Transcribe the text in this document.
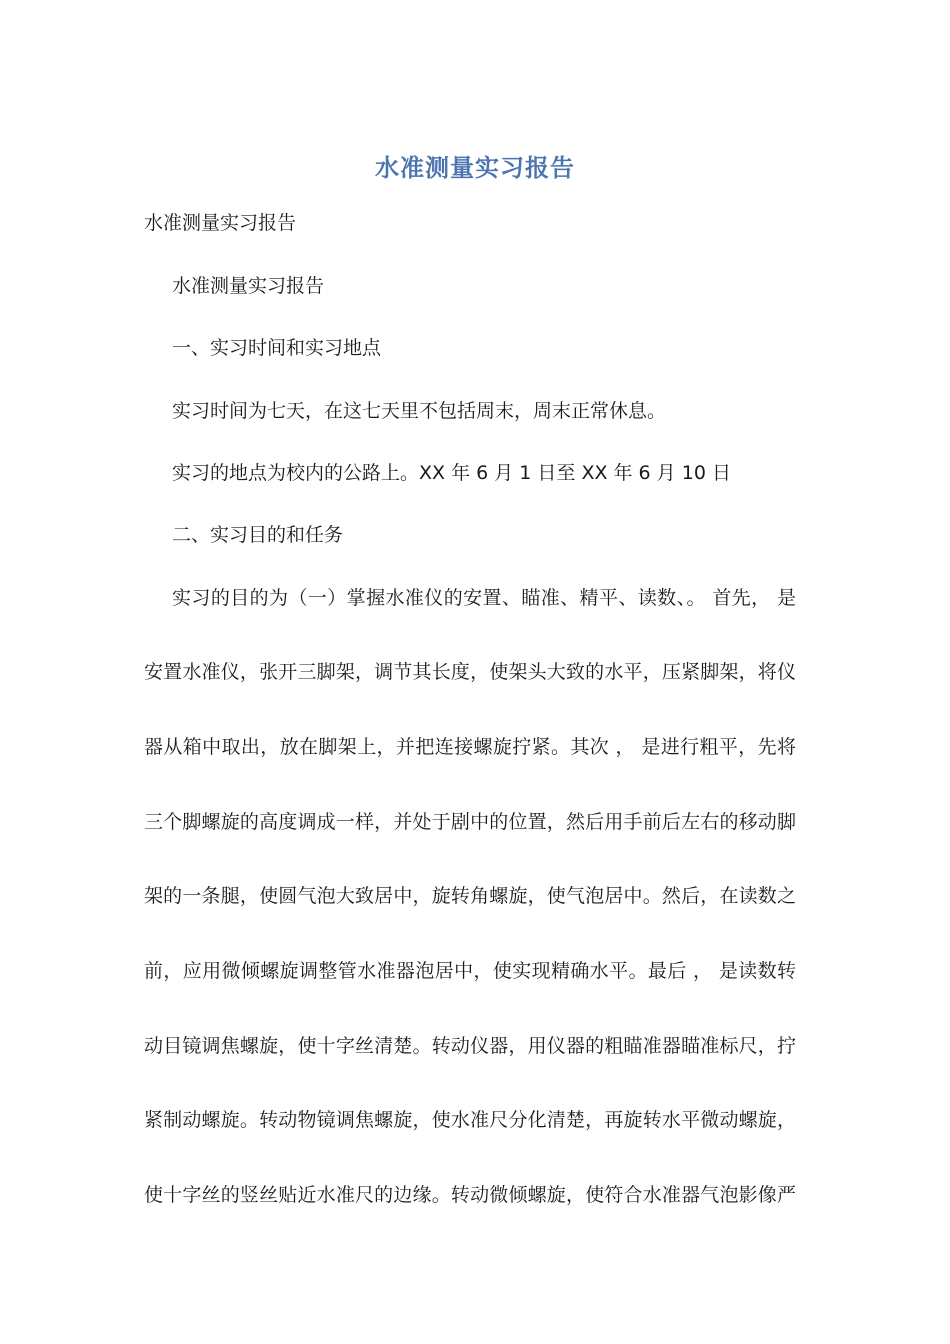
水准测量实习报告
水准测量实习报告
水准测量实习报告
一、实习时间和实习地点
实习时间为七天，在这七天里不包括周末，周末正常休息。
实习的地点为校内的公路上。XX 年 6 月 1 日至 XX 年 6 月 10 日
二、实习目的和任务
实习的目的为（一）掌握水准仪的安置、瞄准、精平、读数、。 首先， 是
安置水准仪，张开三脚架，调节其长度，使架头大致的水平，压紧脚架，将仪
器从箱中取出，放在脚架上，并把连接螺旋拧紧。其次 ， 是进行粗平，先将
三个脚螺旋的高度调成一样，并处于剧中的位置，然后用手前后左右的移动脚
架的一条腿，使圆气泡大致居中，旋转角螺旋，使气泡居中。然后，在读数之
前，应用微倾螺旋调整管水准器泡居中，使实现精确水平。最后 ， 是读数转
动目镜调焦螺旋，使十字丝清楚。转动仪器，用仪器的粗瞄准器瞄准标尺，拧
紧制动螺旋。转动物镜调焦螺旋，使水准尺分化清楚，再旋转水平微动螺旋，
使十字丝的竖丝贴近水准尺的边缘。转动微倾螺旋，使符合水准器气泡影像严
